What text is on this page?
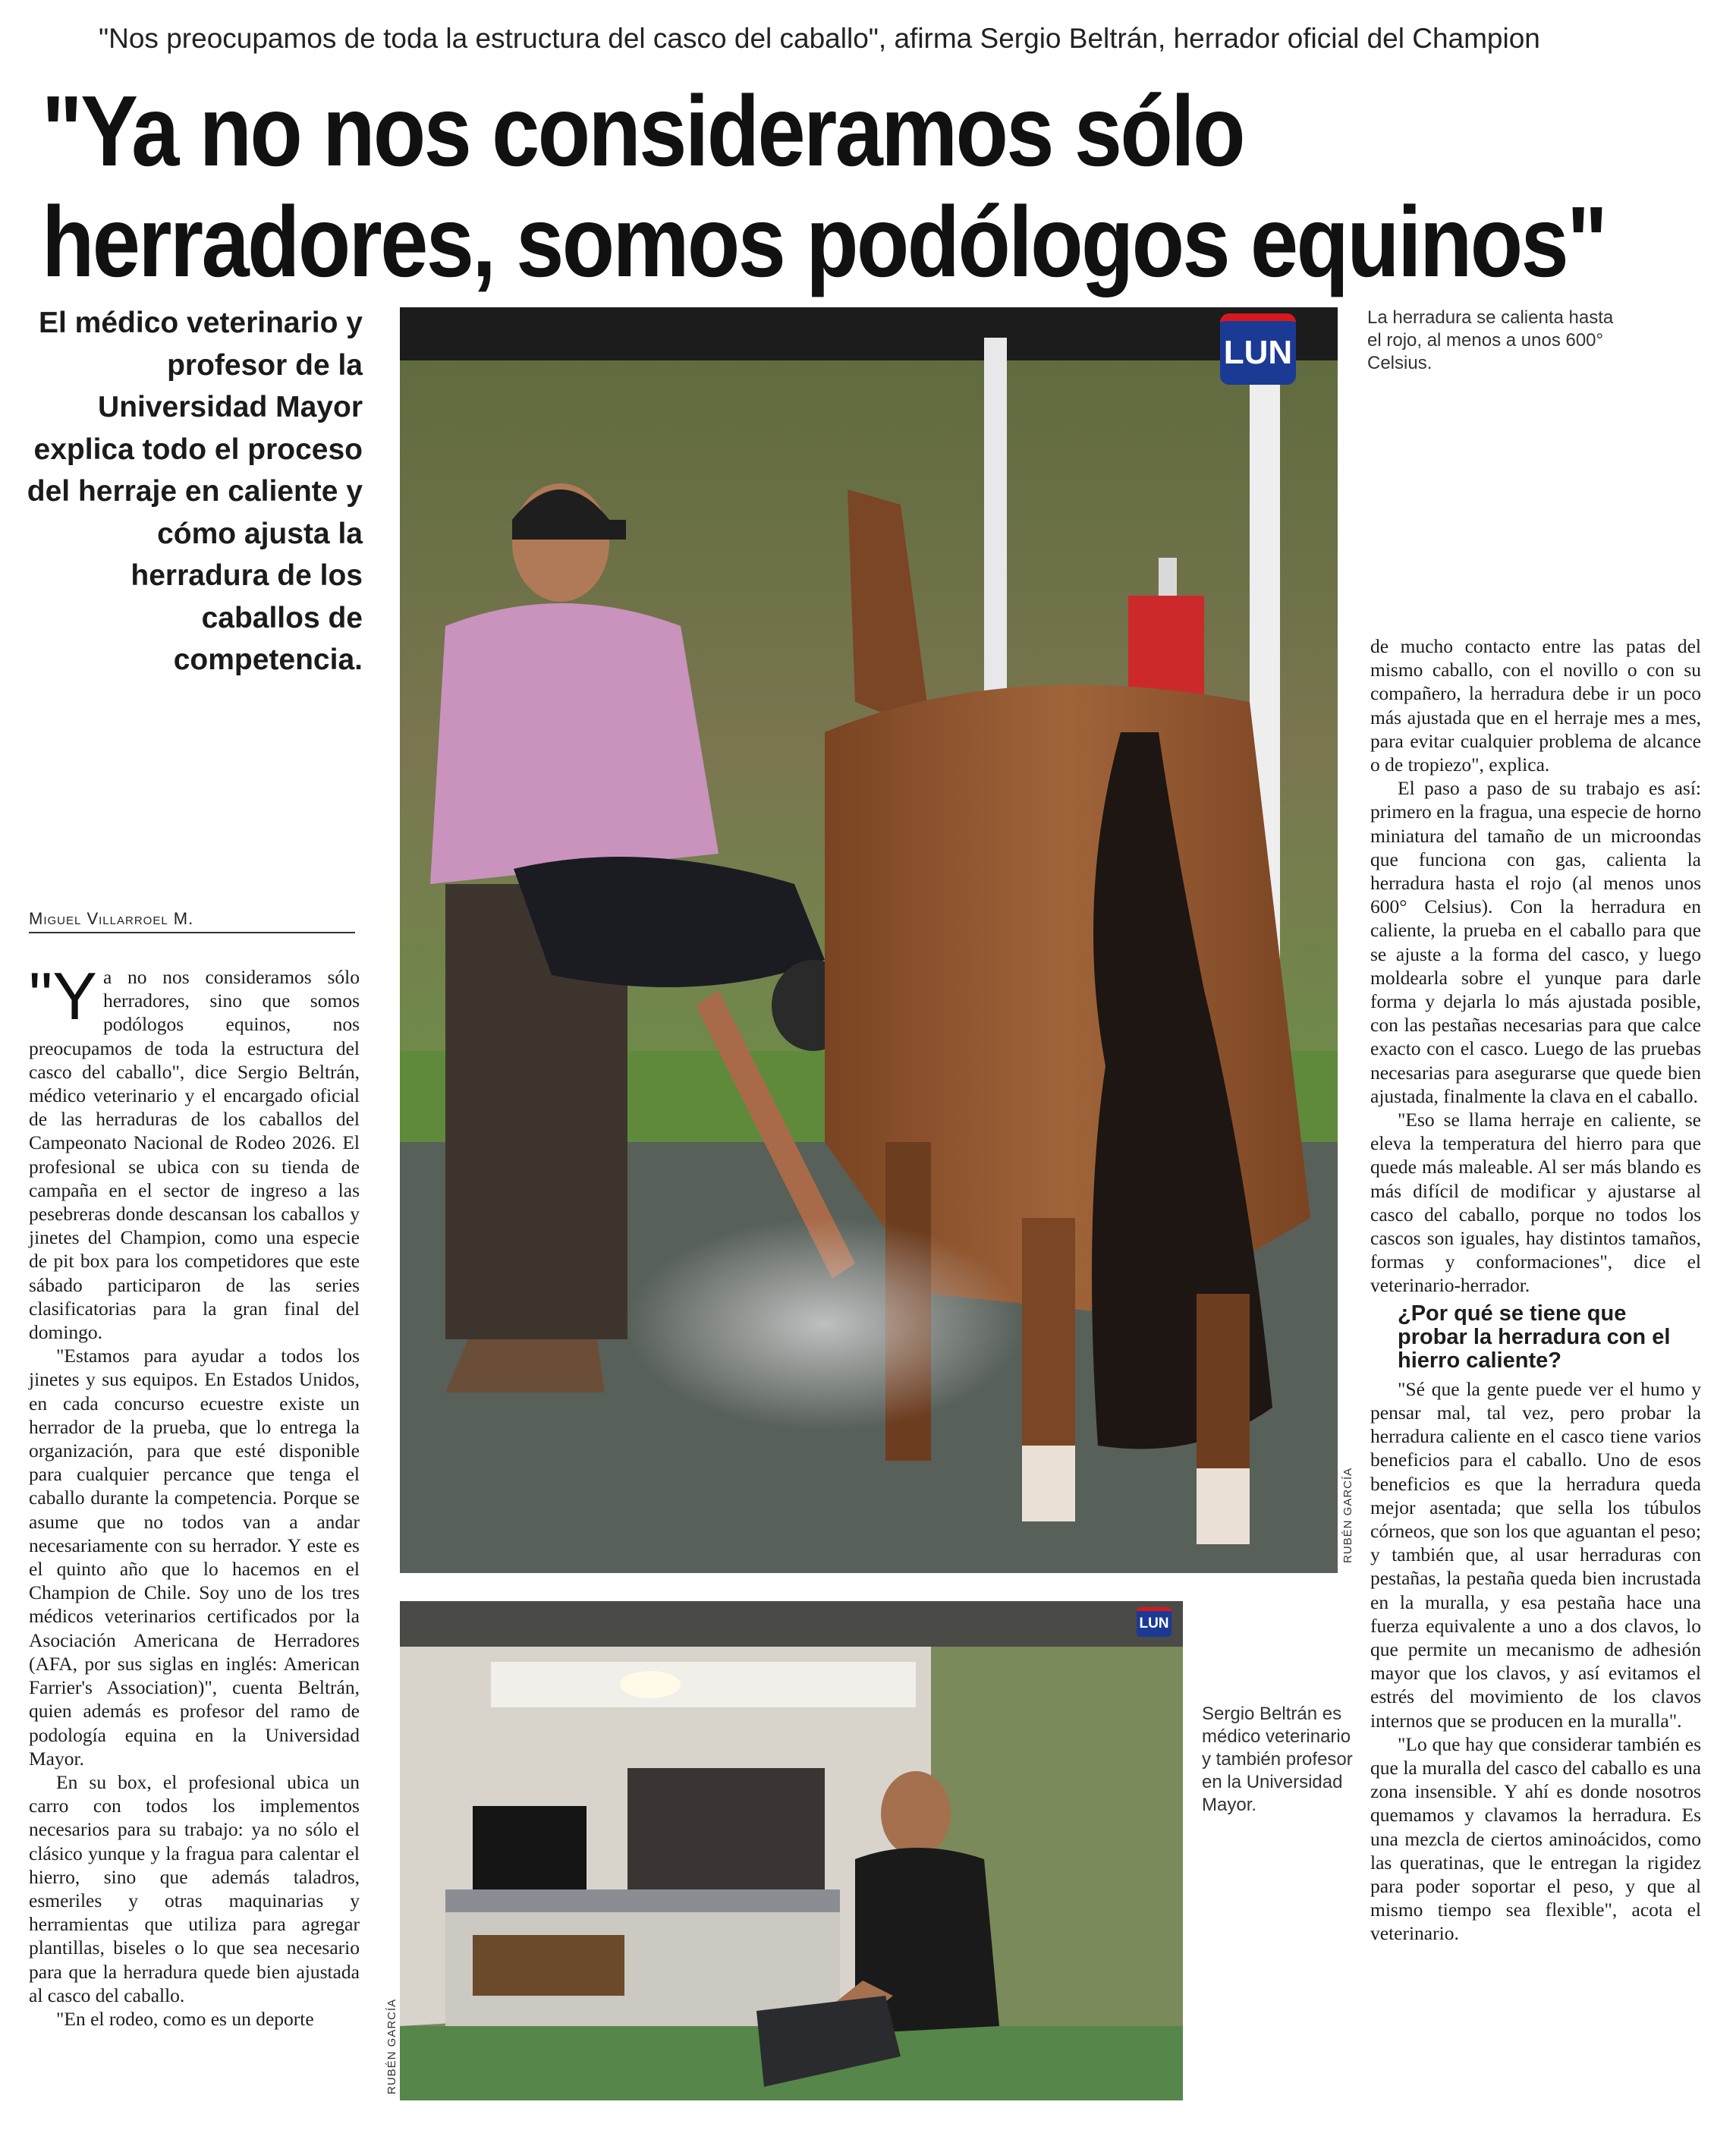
"Nos preocupamos de toda la estructura del casco del caballo", afirma Sergio Beltrán, herrador oficial del Champion
"Ya no nos consideramos sólo
herradores, somos podólogos equinos"
El médico veterinario y profesor de la Universidad Mayor explica todo el proceso del herraje en caliente y cómo ajusta la herradura de los caballos de competencia.
Miguel Villarroel M.

"Ya no nos consideramos sólo herradores, sino que somos podólogos equinos, nos preocupamos de toda la estructura del casco del caballo", dice Sergio Beltrán, médico veterinario y el encargado oficial de las herraduras de los caballos del Campeonato Nacional de Rodeo 2026. El profesional se ubica con su tienda de campaña en el sector de ingreso a las pesebreras donde descansan los caballos y jinetes del Champion, como una especie de pit box para los competidores que este sábado participaron de las series clasificatorias para la gran final del domingo.

"Estamos para ayudar a todos los jinetes y sus equipos. En Estados Unidos, en cada concurso ecuestre existe un herrador de la prueba, que lo entrega la organización, para que esté disponible para cualquier percance que tenga el caballo durante la competencia. Porque se asume que no todos van a andar necesariamente con su herrador. Y este es el quinto año que lo hacemos en el Champion de Chile. Soy uno de los tres médicos veterinarios certificados por la Asociación Americana de Herradores (AFA, por sus siglas en inglés: American Farrier's Association)", cuenta Beltrán, quien además es profesor del ramo de podología equina en la Universidad Mayor.

En su box, el profesional ubica un carro con todos los implementos necesarios para su trabajo: ya no sólo el clásico yunque y la fragua para calentar el hierro, sino que además taladros, esmeriles y otras maquinarias y herramientas que utiliza para agregar plantillas, biseles o lo que sea necesario para que la herradura quede bien ajustada al casco del caballo.

"En el rodeo, como es un deporte

LUN
RUBÉN GARCÍA
La herradura se calienta hasta el rojo, al menos a unos 600° Celsius.
LUN
RUBÉN GARCÍA
Sergio Beltrán es médico veterinario y también profesor en la Universidad Mayor.

de mucho contacto entre las patas del mismo caballo, con el novillo o con su compañero, la herradura debe ir un poco más ajustada que en el herraje mes a mes, para evitar cualquier problema de alcance o de tropiezo", explica.

El paso a paso de su trabajo es así: primero en la fragua, una especie de horno miniatura del tamaño de un microondas que funciona con gas, calienta la herradura hasta el rojo (al menos unos 600° Celsius). Con la herradura en caliente, la prueba en el caballo para que se ajuste a la forma del casco, y luego moldearla sobre el yunque para darle forma y dejarla lo más ajustada posible, con las pestañas necesarias para que calce exacto con el casco. Luego de las pruebas necesarias para asegurarse que quede bien ajustada, finalmente la clava en el caballo.

"Eso se llama herraje en caliente, se eleva la temperatura del hierro para que quede más maleable. Al ser más blando es más difícil de modificar y ajustarse al casco del caballo, porque no todos los cascos son iguales, hay distintos tamaños, formas y conformaciones", dice el veterinario-herrador.

¿Por qué se tiene que probar la herradura con el hierro caliente?

"Sé que la gente puede ver el humo y pensar mal, tal vez, pero probar la herradura caliente en el casco tiene varios beneficios para el caballo. Uno de esos beneficios es que la herradura queda mejor asentada; que sella los túbulos córneos, que son los que aguantan el peso; y también que, al usar herraduras con pestañas, la pestaña queda bien incrustada en la muralla, y esa pestaña hace una fuerza equivalente a uno a dos clavos, lo que permite un mecanismo de adhesión mayor que los clavos, y así evitamos el estrés del movimiento de los clavos internos que se producen en la muralla".

"Lo que hay que considerar también es que la muralla del casco del caballo es una zona insensible. Y ahí es donde nosotros quemamos y clavamos la herradura. Es una mezcla de ciertos aminoácidos, como las queratinas, que le entregan la rigidez para poder soportar el peso, y que al mismo tiempo sea flexible", acota el veterinario.
